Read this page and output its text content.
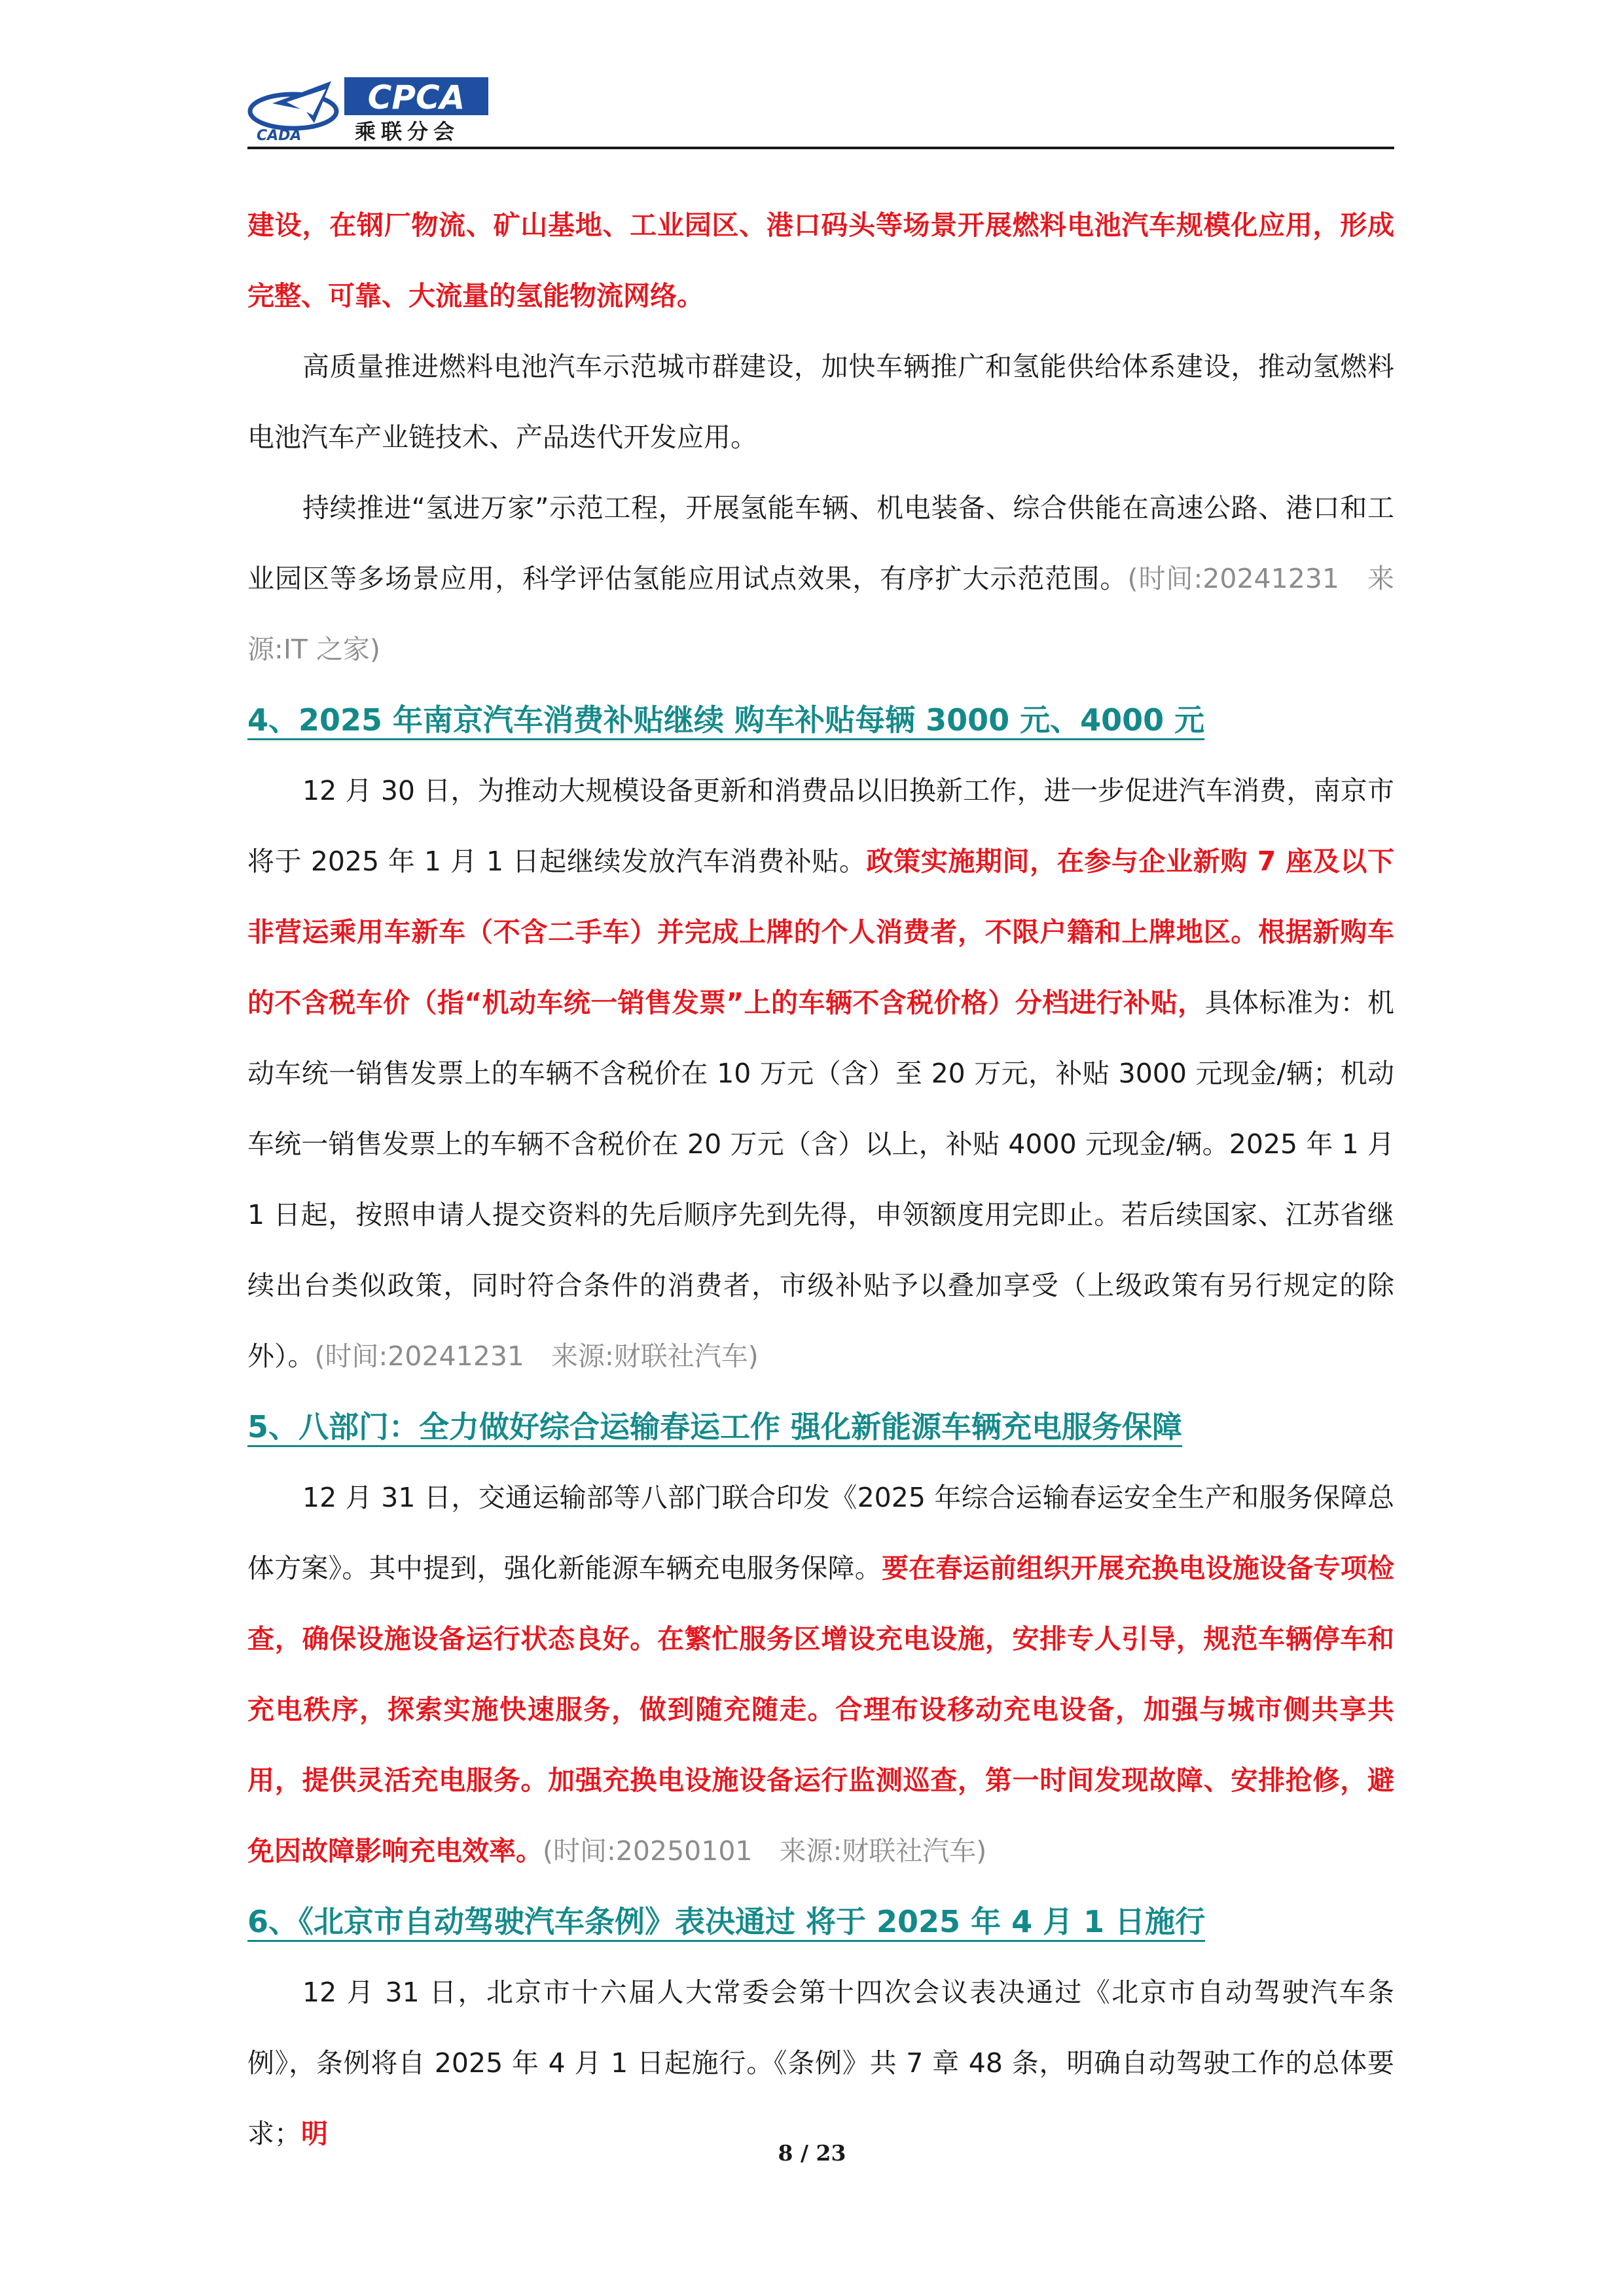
CADA
CPCA
乘联分会

建设，在钢厂物流、矿山基地、工业园区、港口码头等场景开展燃料电池汽车规模化应用，形成完整、可靠、大流量的氢能物流网络。

高质量推进燃料电池汽车示范城市群建设，加快车辆推广和氢能供给体系建设，推动氢燃料电池汽车产业链技术、产品迭代开发应用。

持续推进“氢进万家”示范工程，开展氢能车辆、机电装备、综合供能在高速公路、港口和工业园区等多场景应用，科学评估氢能应用试点效果，有序扩大示范范围。(时间:20241231　来源:IT 之家)

4、2025 年南京汽车消费补贴继续 购车补贴每辆 3000 元、4000 元

12 月 30 日，为推动大规模设备更新和消费品以旧换新工作，进一步促进汽车消费，南京市将于 2025 年 1 月 1 日起继续发放汽车消费补贴。政策实施期间，在参与企业新购 7 座及以下非营运乘用车新车（不含二手车）并完成上牌的个人消费者，不限户籍和上牌地区。根据新购车的不含税车价（指“机动车统一销售发票”上的车辆不含税价格）分档进行补贴，具体标准为：机动车统一销售发票上的车辆不含税价在 10 万元（含）至 20 万元，补贴 3000 元现金/辆；机动车统一销售发票上的车辆不含税价在 20 万元（含）以上，补贴 4000 元现金/辆。2025 年 1 月 1 日起，按照申请人提交资料的先后顺序先到先得，申领额度用完即止。若后续国家、江苏省继续出台类似政策，同时符合条件的消费者，市级补贴予以叠加享受（上级政策有另行规定的除外）。(时间:20241231　来源:财联社汽车)

5、八部门：全力做好综合运输春运工作 强化新能源车辆充电服务保障

12 月 31 日，交通运输部等八部门联合印发《2025 年综合运输春运安全生产和服务保障总体方案》。其中提到，强化新能源车辆充电服务保障。要在春运前组织开展充换电设施设备专项检查，确保设施设备运行状态良好。在繁忙服务区增设充电设施，安排专人引导，规范车辆停车和充电秩序，探索实施快速服务，做到随充随走。合理布设移动充电设备，加强与城市侧共享共用，提供灵活充电服务。加强充换电设施设备运行监测巡查，第一时间发现故障、安排抢修，避免因故障影响充电效率。(时间:20250101　来源:财联社汽车)

6、《北京市自动驾驶汽车条例》表决通过 将于 2025 年 4 月 1 日施行

12 月 31 日，北京市十六届人大常委会第十四次会议表决通过《北京市自动驾驶汽车条例》，条例将自 2025 年 4 月 1 日起施行。《条例》共 7 章 48 条，明确自动驾驶工作的总体要求；明

8 / 23
